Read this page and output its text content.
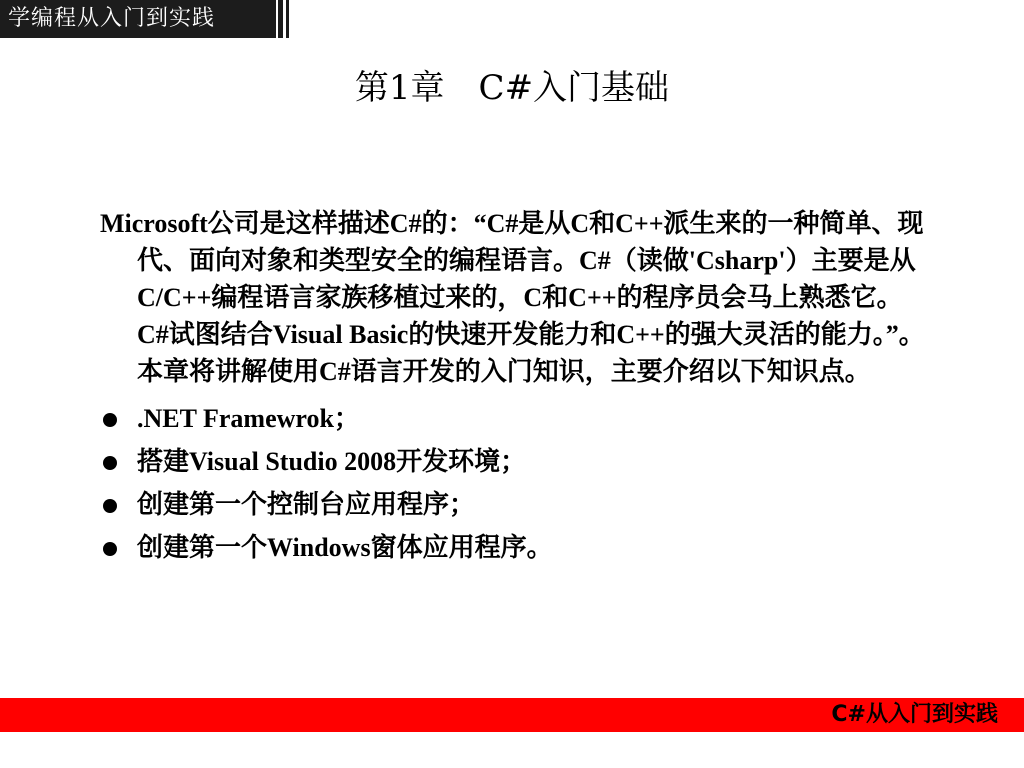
学编程从入门到实践
第1章　C#入门基础

Microsoft公司是这样描述C#的：“C#是从C和C++派生来的一种简单、现代、面向对象和类型安全的编程语言。C#（读做'Csharp'）主要是从C/C++编程语言家族移植过来的，C和C++的程序员会马上熟悉它。C#试图结合Visual Basic的快速开发能力和C++的强大灵活的能力。”。本章将讲解使用C#语言开发的入门知识，主要介绍以下知识点。

.NET Framewrok；
搭建Visual Studio 2008开发环境；
创建第一个控制台应用程序；
创建第一个Windows窗体应用程序。
C#从入门到实践
